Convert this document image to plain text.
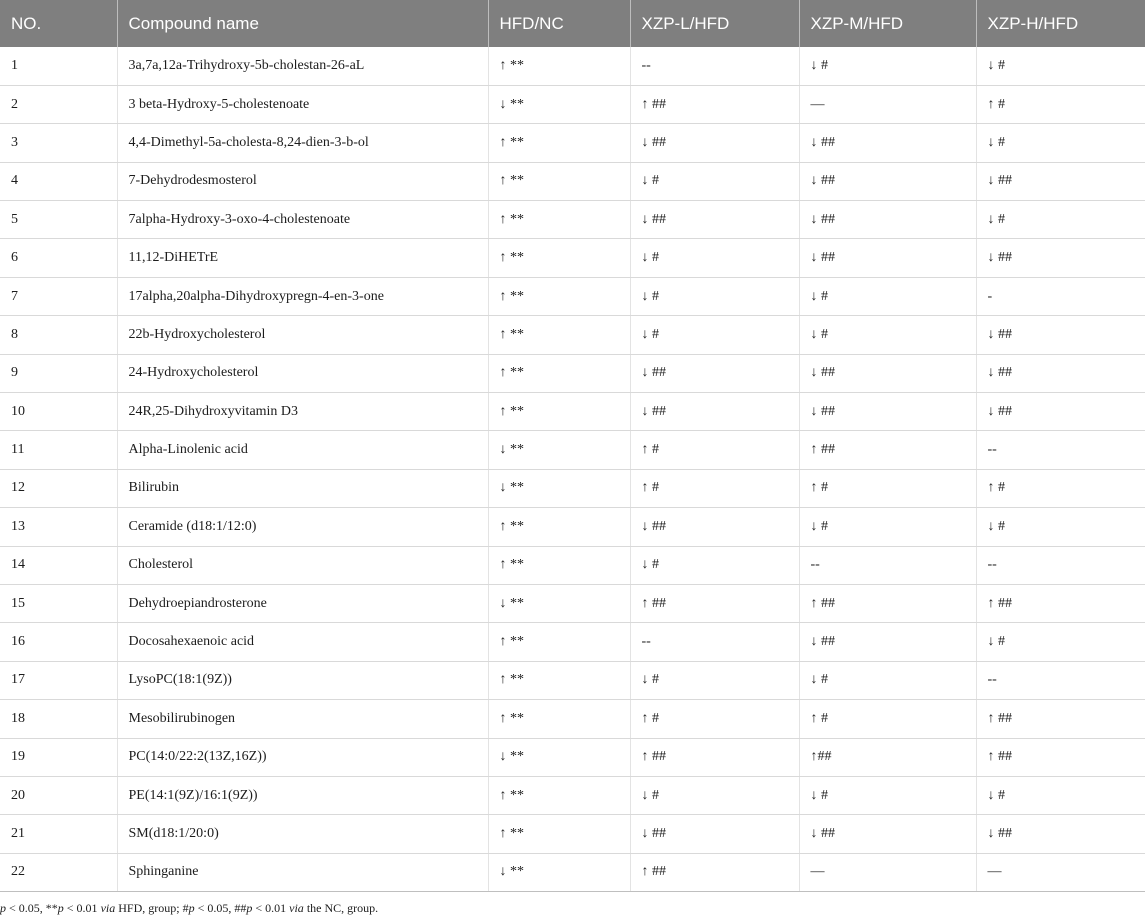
NO.	Compound name	HFD/NC	XZP-L/HFD	XZP-M/HFD	XZP-H/HFD
1	3a,7a,12a-Trihydroxy-5b-cholestan-26-aL	↑ **	--	↓ #	↓ #
2	3 beta-Hydroxy-5-cholestenoate	↓ **	↑ ##	—	↑ #
3	4,4-Dimethyl-5a-cholesta-8,24-dien-3-b-ol	↑ **	↓ ##	↓ ##	↓ #
4	7-Dehydrodesmosterol	↑ **	↓ #	↓ ##	↓ ##
5	7alpha-Hydroxy-3-oxo-4-cholestenoate	↑ **	↓ ##	↓ ##	↓ #
6	11,12-DiHETrE	↑ **	↓ #	↓ ##	↓ ##
7	17alpha,20alpha-Dihydroxypregn-4-en-3-one	↑ **	↓ #	↓ #	-
8	22b-Hydroxycholesterol	↑ **	↓ #	↓ #	↓ ##
9	24-Hydroxycholesterol	↑ **	↓ ##	↓ ##	↓ ##
10	24R,25-Dihydroxyvitamin D3	↑ **	↓ ##	↓ ##	↓ ##
11	Alpha-Linolenic acid	↓ **	↑ #	↑ ##	--
12	Bilirubin	↓ **	↑ #	↑ #	↑ #
13	Ceramide (d18:1/12:0)	↑ **	↓ ##	↓ #	↓ #
14	Cholesterol	↑ **	↓ #	--	--
15	Dehydroepiandrosterone	↓ **	↑ ##	↑ ##	↑ ##
16	Docosahexaenoic acid	↑ **	--	↓ ##	↓ #
17	LysoPC(18:1(9Z))	↑ **	↓ #	↓ #	--
18	Mesobilirubinogen	↑ **	↑ #	↑ #	↑ ##
19	PC(14:0/22:2(13Z,16Z))	↓ **	↑ ##	↑##	↑ ##
20	PE(14:1(9Z)/16:1(9Z))	↑ **	↓ #	↓ #	↓ #
21	SM(d18:1/20:0)	↑ **	↓ ##	↓ ##	↓ ##
22	Sphinganine	↓ **	↑ ##	—	—
p < 0.05, **p < 0.01 via HFD, group; #p < 0.05, ##p < 0.01 via the NC, group.
